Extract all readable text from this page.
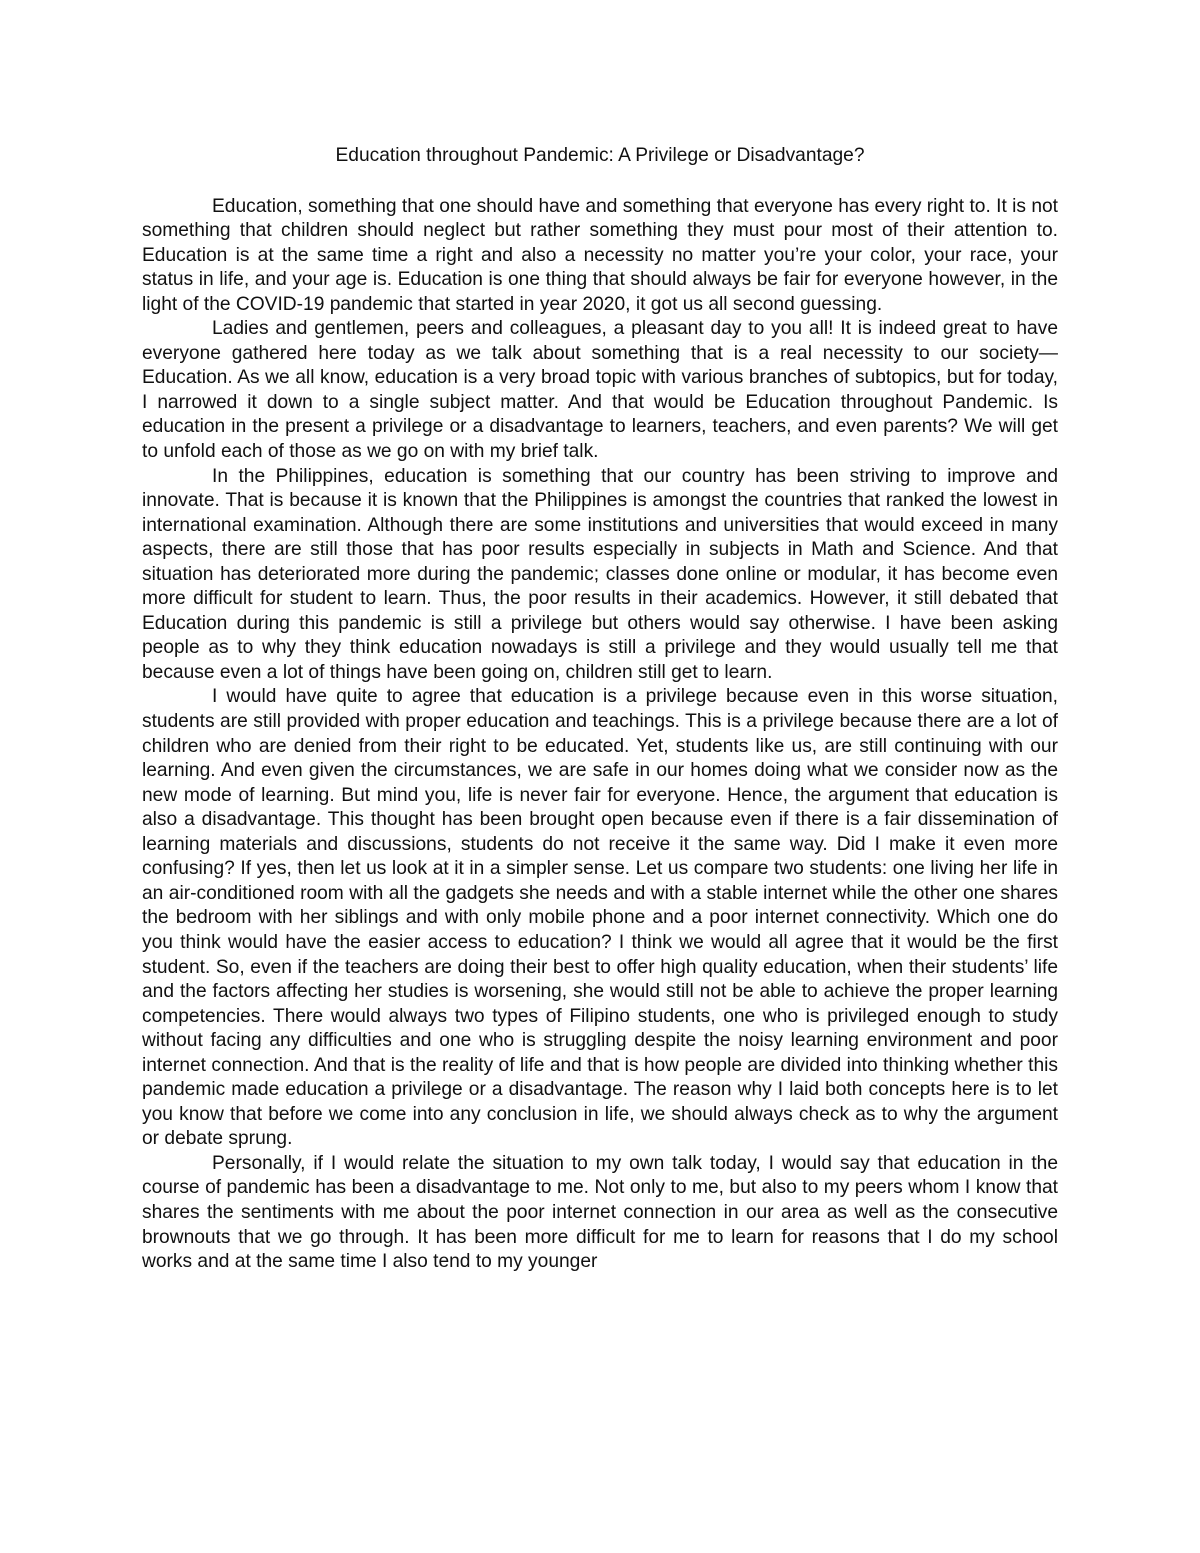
Education throughout Pandemic: A Privilege or Disadvantage?

Education, something that one should have and something that everyone has every right to. It is not something that children should neglect but rather something they must pour most of their attention to. Education is at the same time a right and also a necessity no matter you’re your color, your race, your status in life, and your age is. Education is one thing that should always be fair for everyone however, in the light of the COVID-19 pandemic that started in year 2020, it got us all second guessing.

Ladies and gentlemen, peers and colleagues, a pleasant day to you all! It is indeed great to have everyone gathered here today as we talk about something that is a real necessity to our society—Education. As we all know, education is a very broad topic with various branches of subtopics, but for today, I narrowed it down to a single subject matter. And that would be Education throughout Pandemic. Is education in the present a privilege or a disadvantage to learners, teachers, and even parents? We will get to unfold each of those as we go on with my brief talk.

In the Philippines, education is something that our country has been striving to improve and innovate. That is because it is known that the Philippines is amongst the countries that ranked the lowest in international examination. Although there are some institutions and universities that would exceed in many aspects, there are still those that has poor results especially in subjects in Math and Science. And that situation has deteriorated more during the pandemic; classes done online or modular, it has become even more difficult for student to learn. Thus, the poor results in their academics. However, it still debated that Education during this pandemic is still a privilege but others would say otherwise. I have been asking people as to why they think education nowadays is still a privilege and they would usually tell me that because even a lot of things have been going on, children still get to learn.

I would have quite to agree that education is a privilege because even in this worse situation, students are still provided with proper education and teachings. This is a privilege because there are a lot of children who are denied from their right to be educated. Yet, students like us, are still continuing with our learning. And even given the circumstances, we are safe in our homes doing what we consider now as the new mode of learning. But mind you, life is never fair for everyone. Hence, the argument that education is also a disadvantage. This thought has been brought open because even if there is a fair dissemination of learning materials and discussions, students do not receive it the same way. Did I make it even more confusing? If yes, then let us look at it in a simpler sense. Let us compare two students: one living her life in an air-conditioned room with all the gadgets she needs and with a stable internet while the other one shares the bedroom with her siblings and with only mobile phone and a poor internet connectivity. Which one do you think would have the easier access to education? I think we would all agree that it would be the first student. So, even if the teachers are doing their best to offer high quality education, when their students’ life and the factors affecting her studies is worsening, she would still not be able to achieve the proper learning competencies. There would always two types of Filipino students, one who is privileged enough to study without facing any difficulties and one who is struggling despite the noisy learning environment and poor internet connection. And that is the reality of life and that is how people are divided into thinking whether this pandemic made education a privilege or a disadvantage. The reason why I laid both concepts here is to let you know that before we come into any conclusion in life, we should always check as to why the argument or debate sprung.

Personally, if I would relate the situation to my own talk today, I would say that education in the course of pandemic has been a disadvantage to me. Not only to me, but also to my peers whom I know that shares the sentiments with me about the poor internet connection in our area as well as the consecutive brownouts that we go through. It has been more difficult for me to learn for reasons that I do my school works and at the same time I also tend to my younger
